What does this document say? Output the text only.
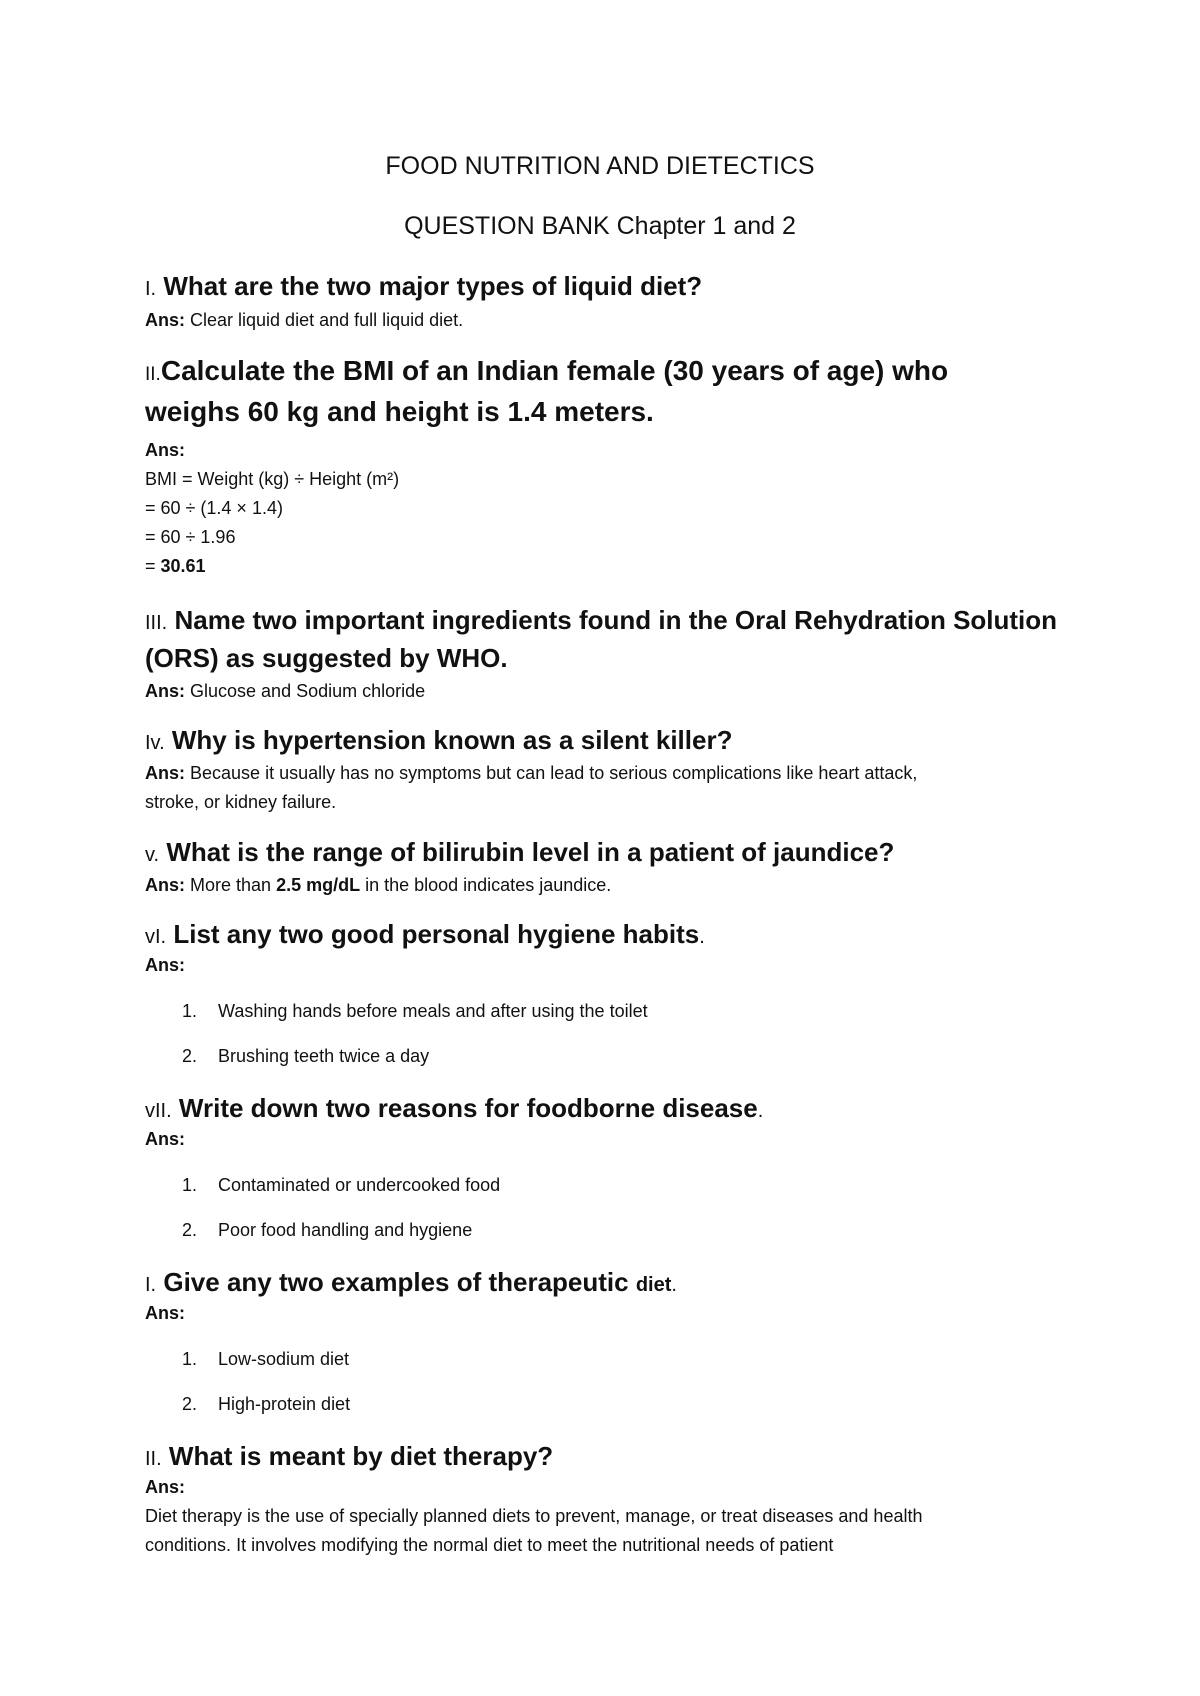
FOOD NUTRITION AND DIETECTICS
QUESTION BANK Chapter 1 and 2
I. What are the two major types of liquid diet?
Ans: Clear liquid diet and full liquid diet.
II.Calculate the BMI of an Indian female (30 years of age) who
weighs 60 kg and height is 1.4 meters.
Ans:
BMI = Weight (kg) ÷ Height (m²)
= 60 ÷ (1.4 × 1.4)
= 60 ÷ 1.96
= 30.61
III. Name two important ingredients found in the Oral Rehydration Solution
(ORS) as suggested by WHO.
Ans: Glucose and Sodium chloride
Iv. Why is hypertension known as a silent killer?
Ans: Because it usually has no symptoms but can lead to serious complications like heart attack,
stroke, or kidney failure.
v. What is the range of bilirubin level in a patient of jaundice?
Ans: More than 2.5 mg/dL in the blood indicates jaundice.
vI. List any two good personal hygiene habits.
Ans:
1. Washing hands before meals and after using the toilet
2. Brushing teeth twice a day
vII. Write down two reasons for foodborne disease.
Ans:
1. Contaminated or undercooked food
2. Poor food handling and hygiene
I. Give any two examples of therapeutic diet.
Ans:
1. Low-sodium diet
2. High-protein diet
II. What is meant by diet therapy?
Ans:
Diet therapy is the use of specially planned diets to prevent, manage, or treat diseases and health
conditions. It involves modifying the normal diet to meet the nutritional needs of patient
